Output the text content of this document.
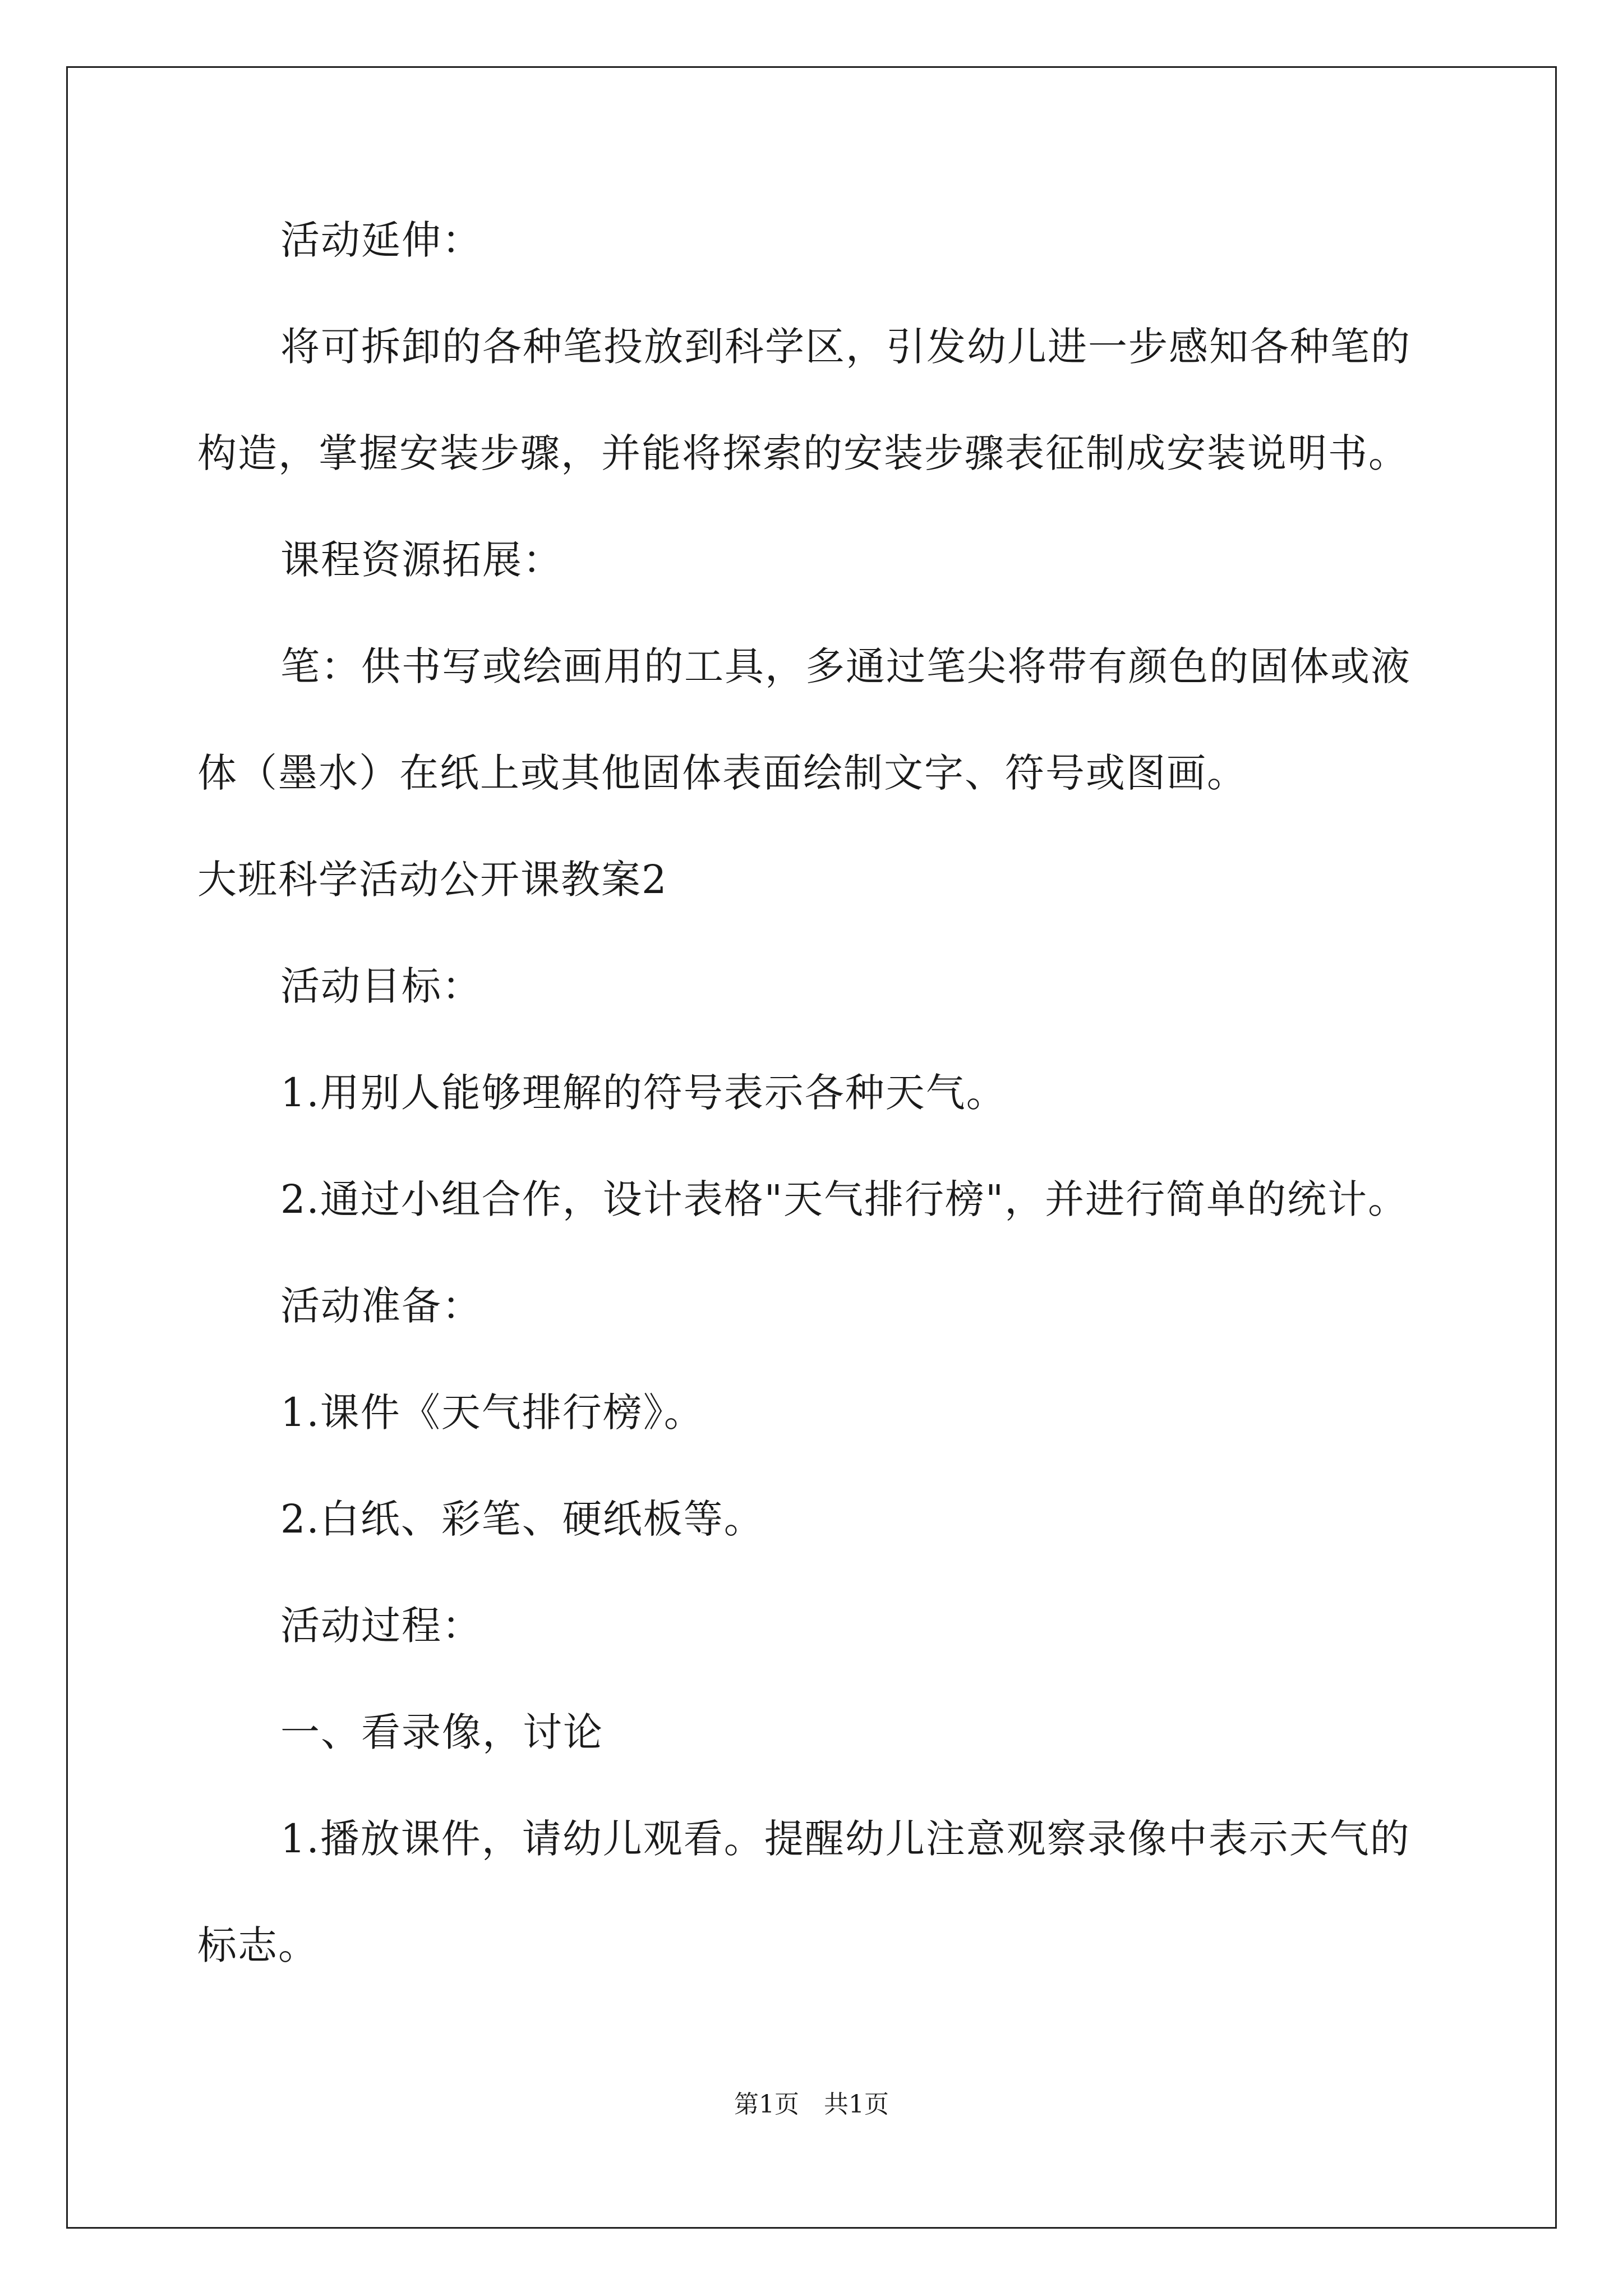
活动延伸：

将可拆卸的各种笔投放到科学区，引发幼儿进一步感知各种笔的

构造，掌握安装步骤，并能将探索的安装步骤表征制成安装说明书。

课程资源拓展：

笔：供书写或绘画用的工具，多通过笔尖将带有颜色的固体或液

体（墨水）在纸上或其他固体表面绘制文字、符号或图画。

大班科学活动公开课教案2

活动目标：

1.用别人能够理解的符号表示各种天气。

2.通过小组合作，设计表格"天气排行榜"，并进行简单的统计。

活动准备：

1.课件《天气排行榜》。

2.白纸、彩笔、硬纸板等。

活动过程：

一、看录像，讨论

1.播放课件，请幼儿观看。提醒幼儿注意观察录像中表示天气的

标志。

第1页　共1页
